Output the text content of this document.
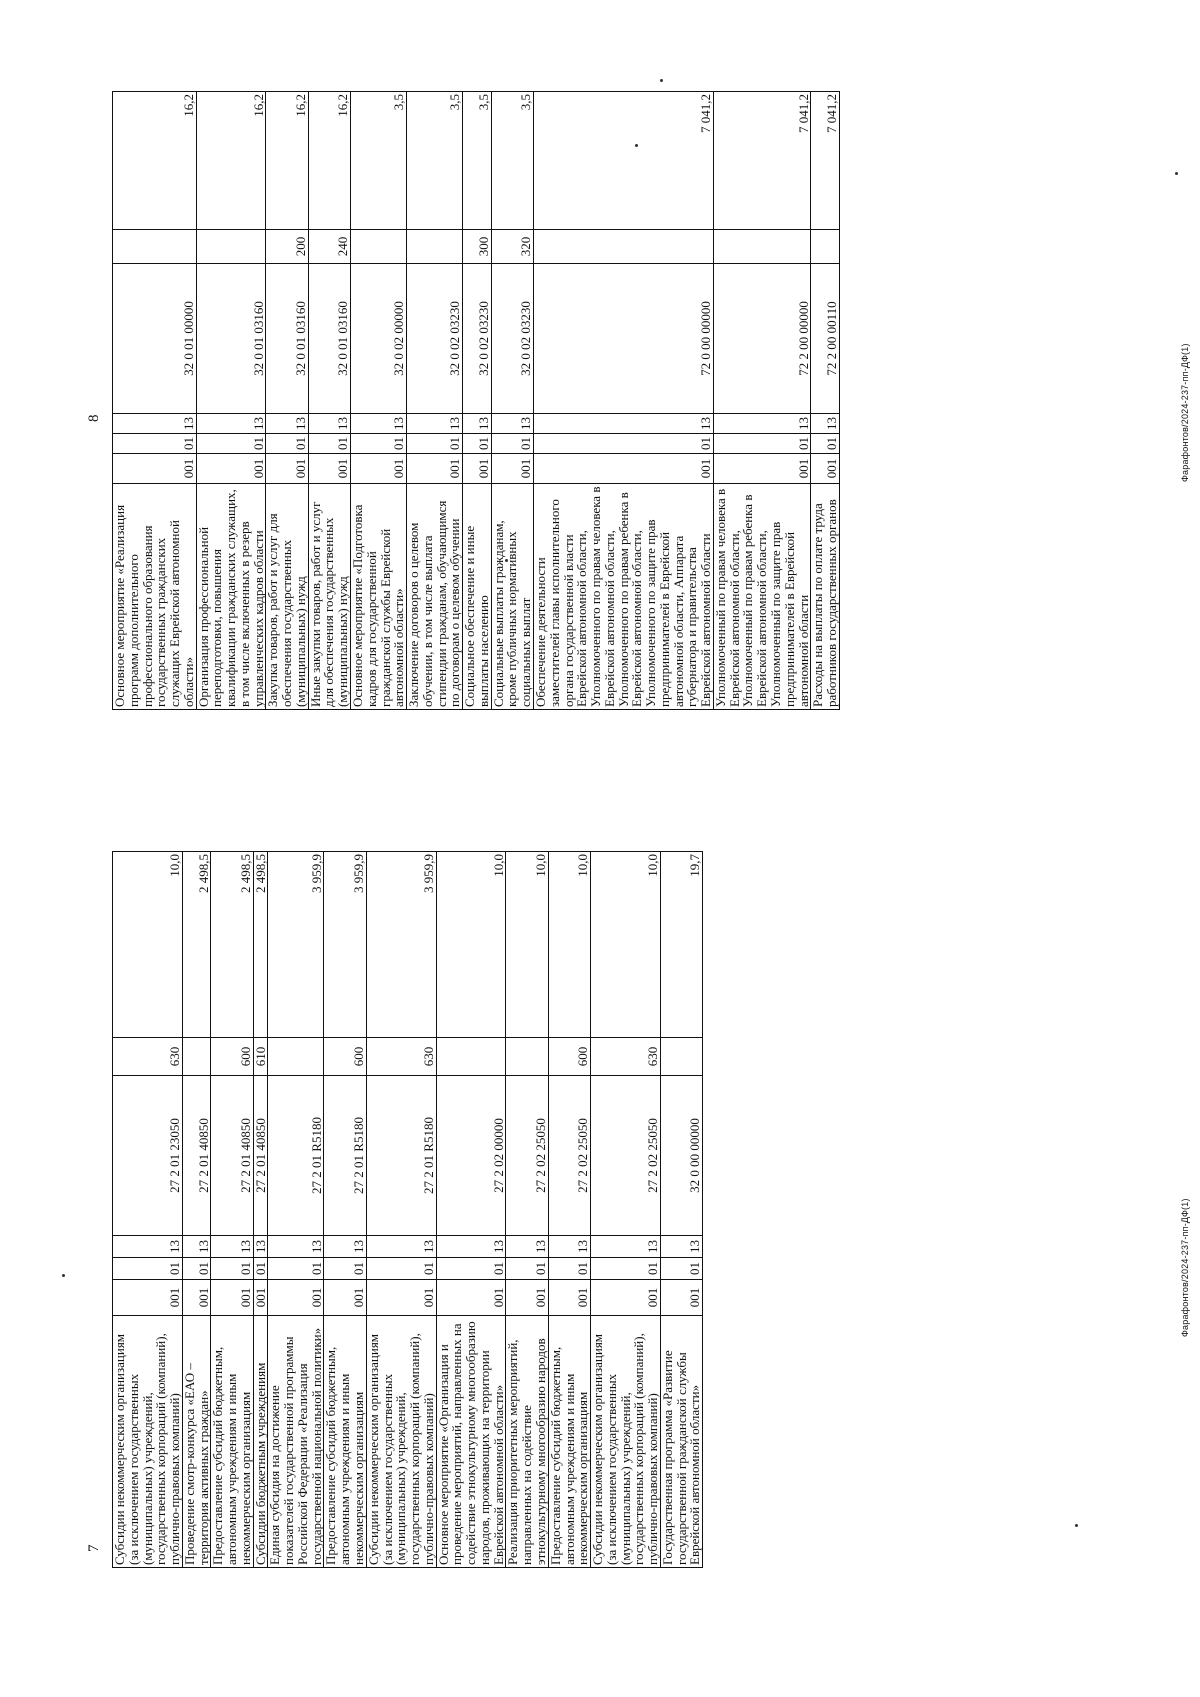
7 Субсидии некоммерческим организациям (за исключением государственных (муниципальных) учреждений, государственных корпораций (компаний), публично-правовых компаний)	001	01	13	27 2 01 23050	630	10,0
Проведение смотр-конкурса «ЕАО – территория активных граждан»	001	01	13	27 2 01 40850		2 498,5
Предоставление субсидий бюджетным, автономным учреждениям и иным некоммерческим организациям	001	01	13	27 2 01 40850	600	2 498,5
Субсидии бюджетным учреждениям	001	01	13	27 2 01 40850	610	2 498,5
Единая субсидия на достижение показателей государственной программы Российской Федерации «Реализация государственной национальной политики»	001	01	13	27 2 01 R5180		3 959,9
Предоставление субсидий бюджетным, автономным учреждениям и иным некоммерческим организациям	001	01	13	27 2 01 R5180	600	3 959,9
Субсидии некоммерческим организациям (за исключением государственных (муниципальных) учреждений, государственных корпораций (компаний), публично-правовых компаний)	001	01	13	27 2 01 R5180	630	3 959,9
Основное мероприятие «Организация и проведение мероприятий, направленных на содействие этнокультурному многообразию народов, проживающих на территории Еврейской автономной области»	001	01	13	27 2 02 00000		10,0
Реализация приоритетных мероприятий, направленных на содействие этнокультурному многообразию народов	001	01	13	27 2 02 25050		10,0
Предоставление субсидий бюджетным, автономным учреждениям и иным некоммерческим организациям	001	01	13	27 2 02 25050	600	10,0
Субсидии некоммерческим организациям (за исключением государственных (муниципальных) учреждений, государственных корпораций (компаний), публично-правовых компаний)	001	01	13	27 2 02 25050	630	10,0
Государственная программа «Развитие государственной гражданской службы Еврейской автономной области»	001	01	13	32 0 00 00000		19,7
Фарафонтов/2024-237-пп-ДФ(1)
8
Основное мероприятие «Реализация программ дополнительного профессионального образования государственных гражданских служащих Еврейской автономной области»	001	01	13	32 0 01 00000		16,2
Организация профессиональной переподготовки, повышения квалификации гражданских служащих, в том числе включенных в резерв управленческих кадров области	001	01	13	32 0 01 03160		16,2
Закупка товаров, работ и услуг для обеспечения государственных (муниципальных) нужд	001	01	13	32 0 01 03160	200	16,2
Иные закупки товаров, работ и услуг для обеспечения государственных (муниципальных) нужд	001	01	13	32 0 01 03160	240	16,2
Основное мероприятие «Подготовка кадров для государственной гражданской службы Еврейской автономной области»	001	01	13	32 0 02 00000		3,5
Заключение договоров о целевом обучении, в том числе выплата стипендии гражданам, обучающимся по договорам о целевом обучении	001	01	13	32 0 02 03230		3,5
Социальное обеспечение и иные выплаты населению	001	01	13	32 0 02 03230	300	3,5
Социальные выплаты гражданам, кроме публичных нормативных социальных выплат	001	01	13	32 0 02 03230	320	3,5
Обеспечение деятельности заместителей главы исполнительного органа государственной власти Еврейской автономной области, Уполномоченного по правам человека в Еврейской автономной области, Уполномоченного по правам ребенка в Еврейской автономной области, Уполномоченного по защите прав предпринимателей в Еврейской автономной области, Аппарата губернатора и правительства Еврейской автономной области	001	01	13	72 0 00 00000		7 041,2
Уполномоченный по правам человека в Еврейской автономной области, Уполномоченный по правам ребенка в Еврейской автономной области, Уполномоченный по защите прав предпринимателей в Еврейской автономной области	001	01	13	72 2 00 00000		7 041,2
Расходы на выплаты по оплате труда работников государственных органов	001	01	13	72 2 00 00110		7 041,2
Фарафонтов/2024-237-пп-ДФ(1)
